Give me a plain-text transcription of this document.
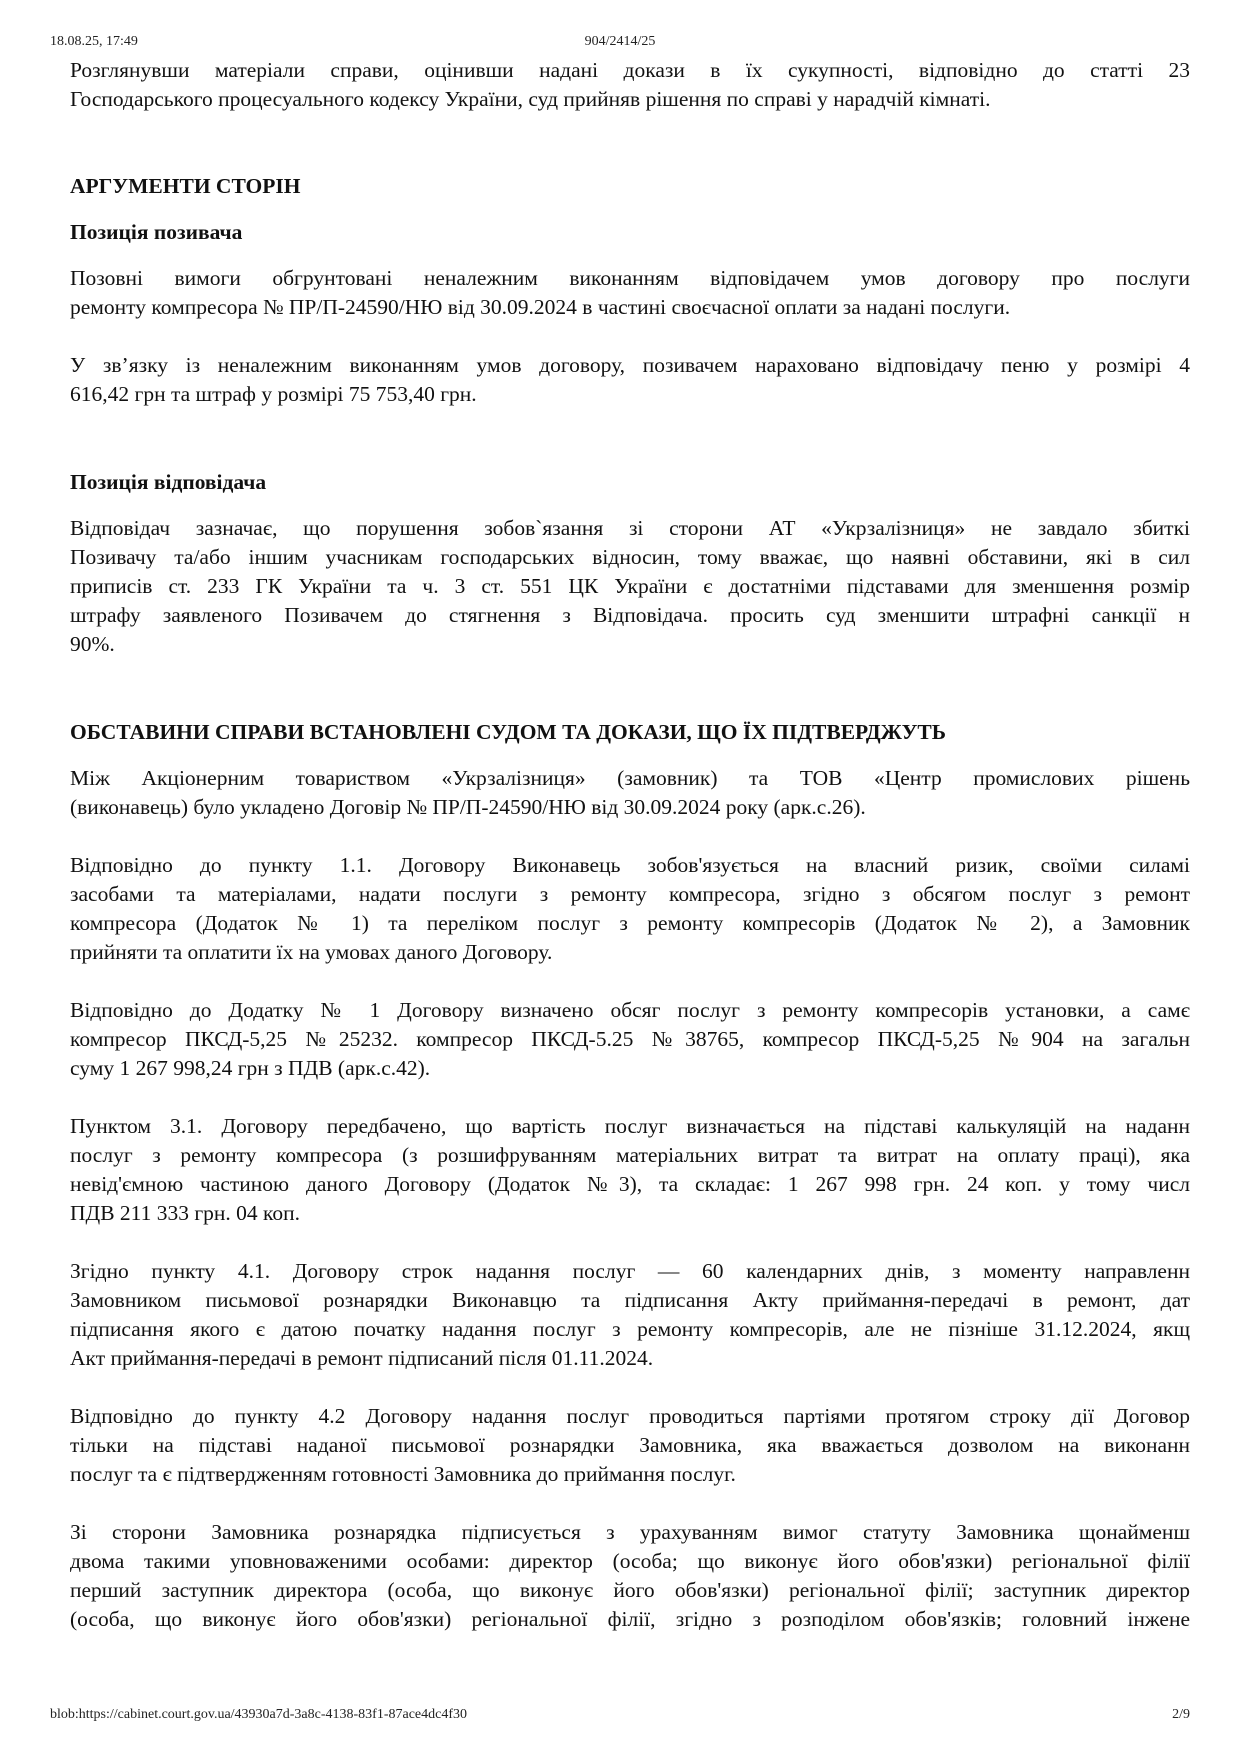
18.08.25, 17:49	904/2414/25

Розглянувши матеріали справи, оцінивши надані докази в їх сукупності, відповідно до статті 23

Господарського процесуального кодексу України, суд прийняв рішення по справі у нарадчій кімнаті.

АРГУМЕНТИ СТОРІН

Позиція позивача

Позовні вимоги обгрунтовані неналежним виконанням відповідачем умов договору про послуги

ремонту компресора № ПР/П-24590/НЮ від 30.09.2024 в частині своєчасної оплати за надані послуги.

У зв’язку із неналежним виконанням умов договору, позивачем нараховано відповідачу пеню у розмірі 4

616,42 грн та штраф у розмірі 75 753,40 грн.

Позиція відповідача

Відповідач зазначає, що порушення зобов`язання зі сторони АТ «Укрзалізниця» не завдало збиткі

Позивачу та/або іншим учасникам господарських відносин, тому вважає, що наявні обставини, які в сил

приписів ст. 233 ГК України та ч. 3 ст. 551 ЦК України є достатніми підставами для зменшення розмір

штрафу заявленого Позивачем до стягнення з Відповідача. просить суд зменшити штрафні санкції н

90%.

ОБСТАВИНИ СПРАВИ ВСТАНОВЛЕНІ СУДОМ ТА ДОКАЗИ, ЩО ЇХ ПІДТВЕРДЖУТЬ

Між Акціонерним товариством «Укрзалізниця» (замовник) та ТОВ «Центр промислових рішень

(виконавець) було укладено Договір № ПР/П-24590/НЮ від 30.09.2024 року (арк.с.26).

Відповідно до пункту 1.1. Договору Виконавець зобов'язується на власний ризик, своїми силамі

засобами та матеріалами, надати послуги з ремонту компресора, згідно з обсягом послуг з ремонт

компресора (Додаток № 1) та переліком послуг з ремонту компресорів (Додаток № 2), а Замовник

прийняти та оплатити їх на умовах даного Договору.

Відповідно до Додатку № 1 Договору визначено обсяг послуг з ремонту компресорів установки, а самє

компресор ПКСД-5,25 №25232. компресор ПКСД-5.25 №38765, компресор ПКСД-5,25 №904 на загальн

суму 1 267 998,24 грн з ПДВ (арк.с.42).

Пунктом 3.1. Договору передбачено, що вартість послуг визначається на підставі калькуляцій на наданн

послуг з ремонту компресора (з розшифруванням матеріальних витрат та витрат на оплату праці), яка

невід'ємною частиною даного Договору (Додаток №3), та складає: 1 267 998 грн. 24 коп. у тому числ

ПДВ 211 333 грн. 04 коп.

Згідно пункту 4.1. Договору строк надання послуг — 60 календарних днів, з моменту направленн

Замовником письмової рознарядки Виконавцю та підписання Акту приймання-передачі в ремонт, дат

підписання якого є датою початку надання послуг з ремонту компресорів, але не пізніше 31.12.2024, якщ

Акт приймання-передачі в ремонт підписаний після 01.11.2024.

Відповідно до пункту 4.2 Договору надання послуг проводиться партіями протягом строку дії Договор

тільки на підставі наданої письмової рознарядки Замовника, яка вважається дозволом на виконанн

послуг та є підтвердженням готовності Замовника до приймання послуг.

Зі сторони Замовника рознарядка підписується з урахуванням вимог статуту Замовника щонайменш

двома такими уповноваженими особами: директор (особа; що виконує його обов'язки) регіональної філії

перший заступник директора (особа, що виконує його обов'язки) регіональної філії; заступник директор

(особа, що виконує його обов'язки) регіональної філії, згідно з розподілом обов'язків; головний інжене

blob:https://cabinet.court.gov.ua/43930a7d-3a8c-4138-83f1-87ace4dc4f30	2/9
